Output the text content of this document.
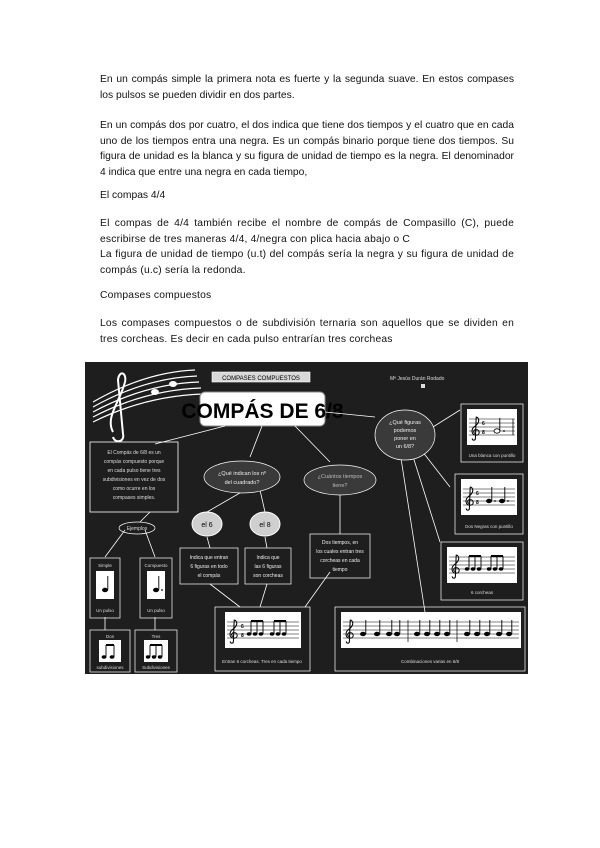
En un compás simple la primera nota es fuerte y la segunda suave. En estos compases los pulsos se pueden dividir en dos partes.
En un compás dos por cuatro, el dos indica que tiene dos tiempos y el cuatro que en cada uno de los tiempos entra una negra. Es un compás binario porque tiene dos tiempos. Su figura de unidad es la blanca y su figura de unidad de tiempo es la negra. El denominador 4 indica que entre una negra en cada tiempo,
El compas 4/4
El compas de 4/4 también recibe el nombre de compás de Compasillo (C), puede escribirse de tres maneras 4/4, 4/negra con plica hacia abajo o C
La figura de unidad de tiempo (u.t) del compás sería la negra y su figura de unidad de compás (u.c) sería la redonda.
Compases compuestos
Los compases compuestos o de subdivisión ternaria son aquellos que se dividen en tres corcheas. Es decir en cada pulso entrarían tres corcheas
COMPASES COMPUESTOS	Mª Jesús Durán Rodado
COMPÁS DE 6/8
El Compás de 6/8 es un
compás compuesto porque
en cada pulso tiene tres
subdivisiones en vez de dos
como ocurre en los
compases simples.
Ejemplos
Simple
Un pulso
Compuesto
Un pulso
Dos
subdivisiones
Tres
Subdivisiones
¿Qué indican los nº
del cuadrado?
¿Cuántos tiempos
tiene?
¿Qué figuras
podemos
poner en
un 6/8?
el 6	el 8
Indica que entran
6 figuras en todo
el compás
Indica que
las 6 figuras
son corcheas
Dos tiempos, en
los cuales entran tres
corcheas en cada
tiempo
6
8
Entran 6 corcheas. Tres en cada tiempo	Combinaciones varias en 6/8
6
8
Una blanca con puntillo
6
8
Dos Negras con puntillo
6 corcheas
